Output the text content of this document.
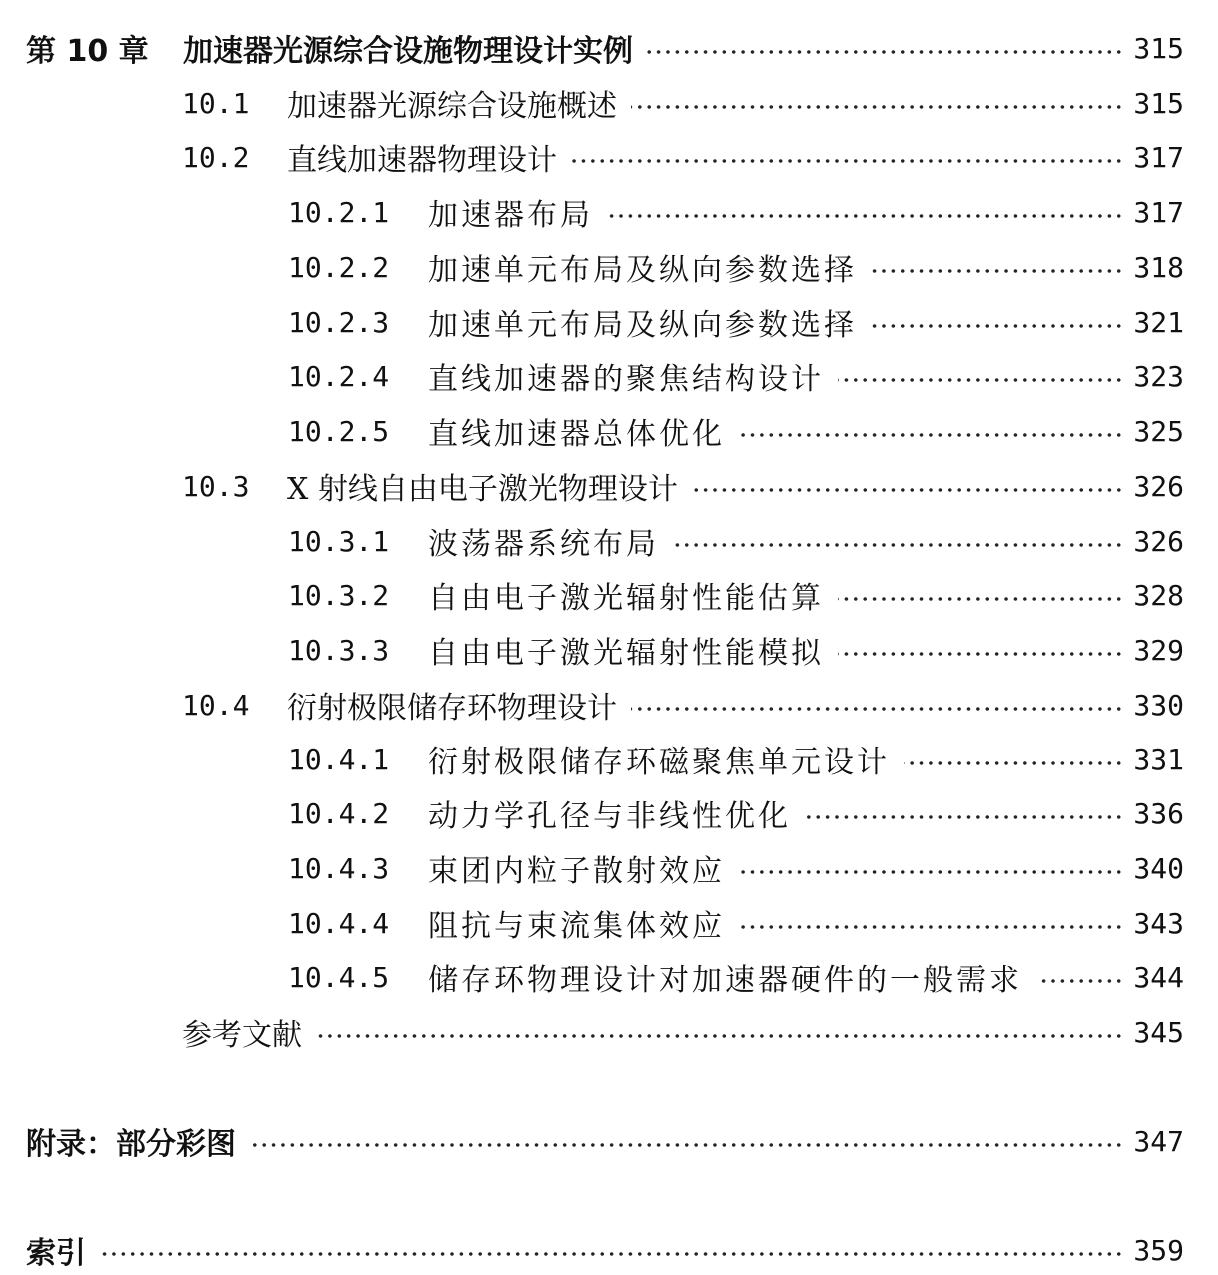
第 10 章	加速器光源综合设施物理设计实例	315
10.1	加速器光源综合设施概述	315
10.2	直线加速器物理设计	317
10.2.1	加速器布局	317
10.2.2	加速单元布局及纵向参数选择	318
10.2.3	加速单元布局及纵向参数选择	321
10.2.4	直线加速器的聚焦结构设计	323
10.2.5	直线加速器总体优化	325
10.3	X 射线自由电子激光物理设计	326
10.3.1	波荡器系统布局	326
10.3.2	自由电子激光辐射性能估算	328
10.3.3	自由电子激光辐射性能模拟	329
10.4	衍射极限储存环物理设计	330
10.4.1	衍射极限储存环磁聚焦单元设计	331
10.4.2	动力学孔径与非线性优化	336
10.4.3	束团内粒子散射效应	340
10.4.4	阻抗与束流集体效应	343
10.4.5	储存环物理设计对加速器硬件的一般需求	344
参考文献	345
附录：部分彩图	347
索引	359
